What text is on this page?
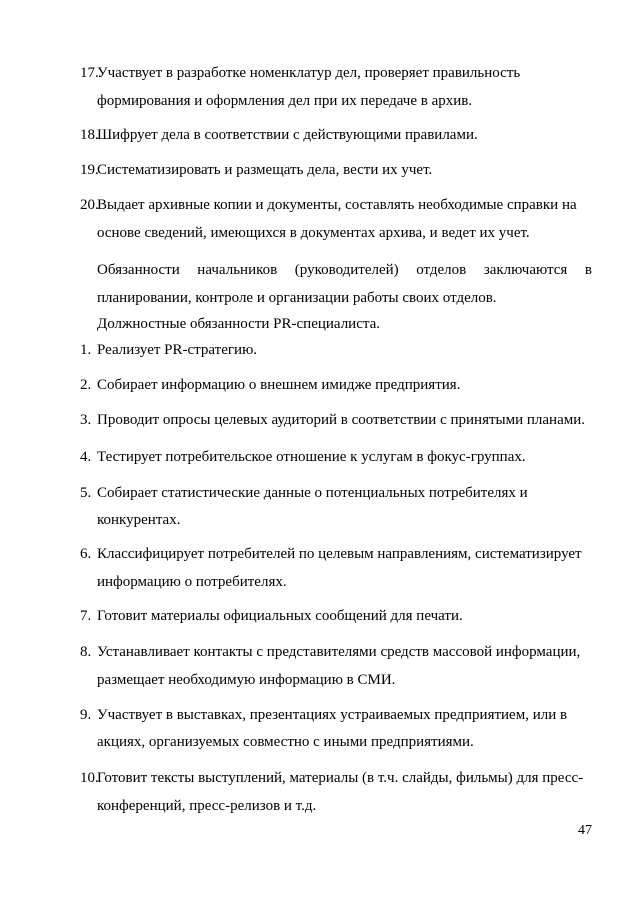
17.
Участвует в разработке номенклатур дел, проверяет правильность
формирования и оформления дел при их передаче в архив.
18.
Шифрует дела в соответствии с действующими правилами.
19.
Систематизировать и размещать дела, вести их учет.
20.
Выдает архивные копии и документы, составлять необходимые справки на
основе сведений, имеющихся в документах архива, и ведет их учет.
Обязанности начальников (руководителей) отделов заключаются в
планировании, контроле и организации работы своих отделов.
Должностные обязанности PR-специалиста.
1. Реализует PR-стратегию.
2. Собирает информацию о внешнем имидже предприятия.
3. Проводит опросы целевых аудиторий в соответствии с принятыми планами.
4. Тестирует потребительское отношение к услугам в фокус-группах.
5. Собирает статистические данные о потенциальных потребителях и
конкурентах.
6. Классифицирует потребителей по целевым направлениям, систематизирует
информацию о потребителях.
7. Готовит материалы официальных сообщений для печати.
8. Устанавливает контакты с представителями средств массовой информации,
размещает необходимую информацию в СМИ.
9. Участвует в выставках, презентациях устраиваемых предприятием, или в
акциях, организуемых совместно с иными предприятиями.
10.
Готовит тексты выступлений, материалы (в т.ч. слайды, фильмы) для пресс-
конференций, пресс-релизов и т.д.
47
